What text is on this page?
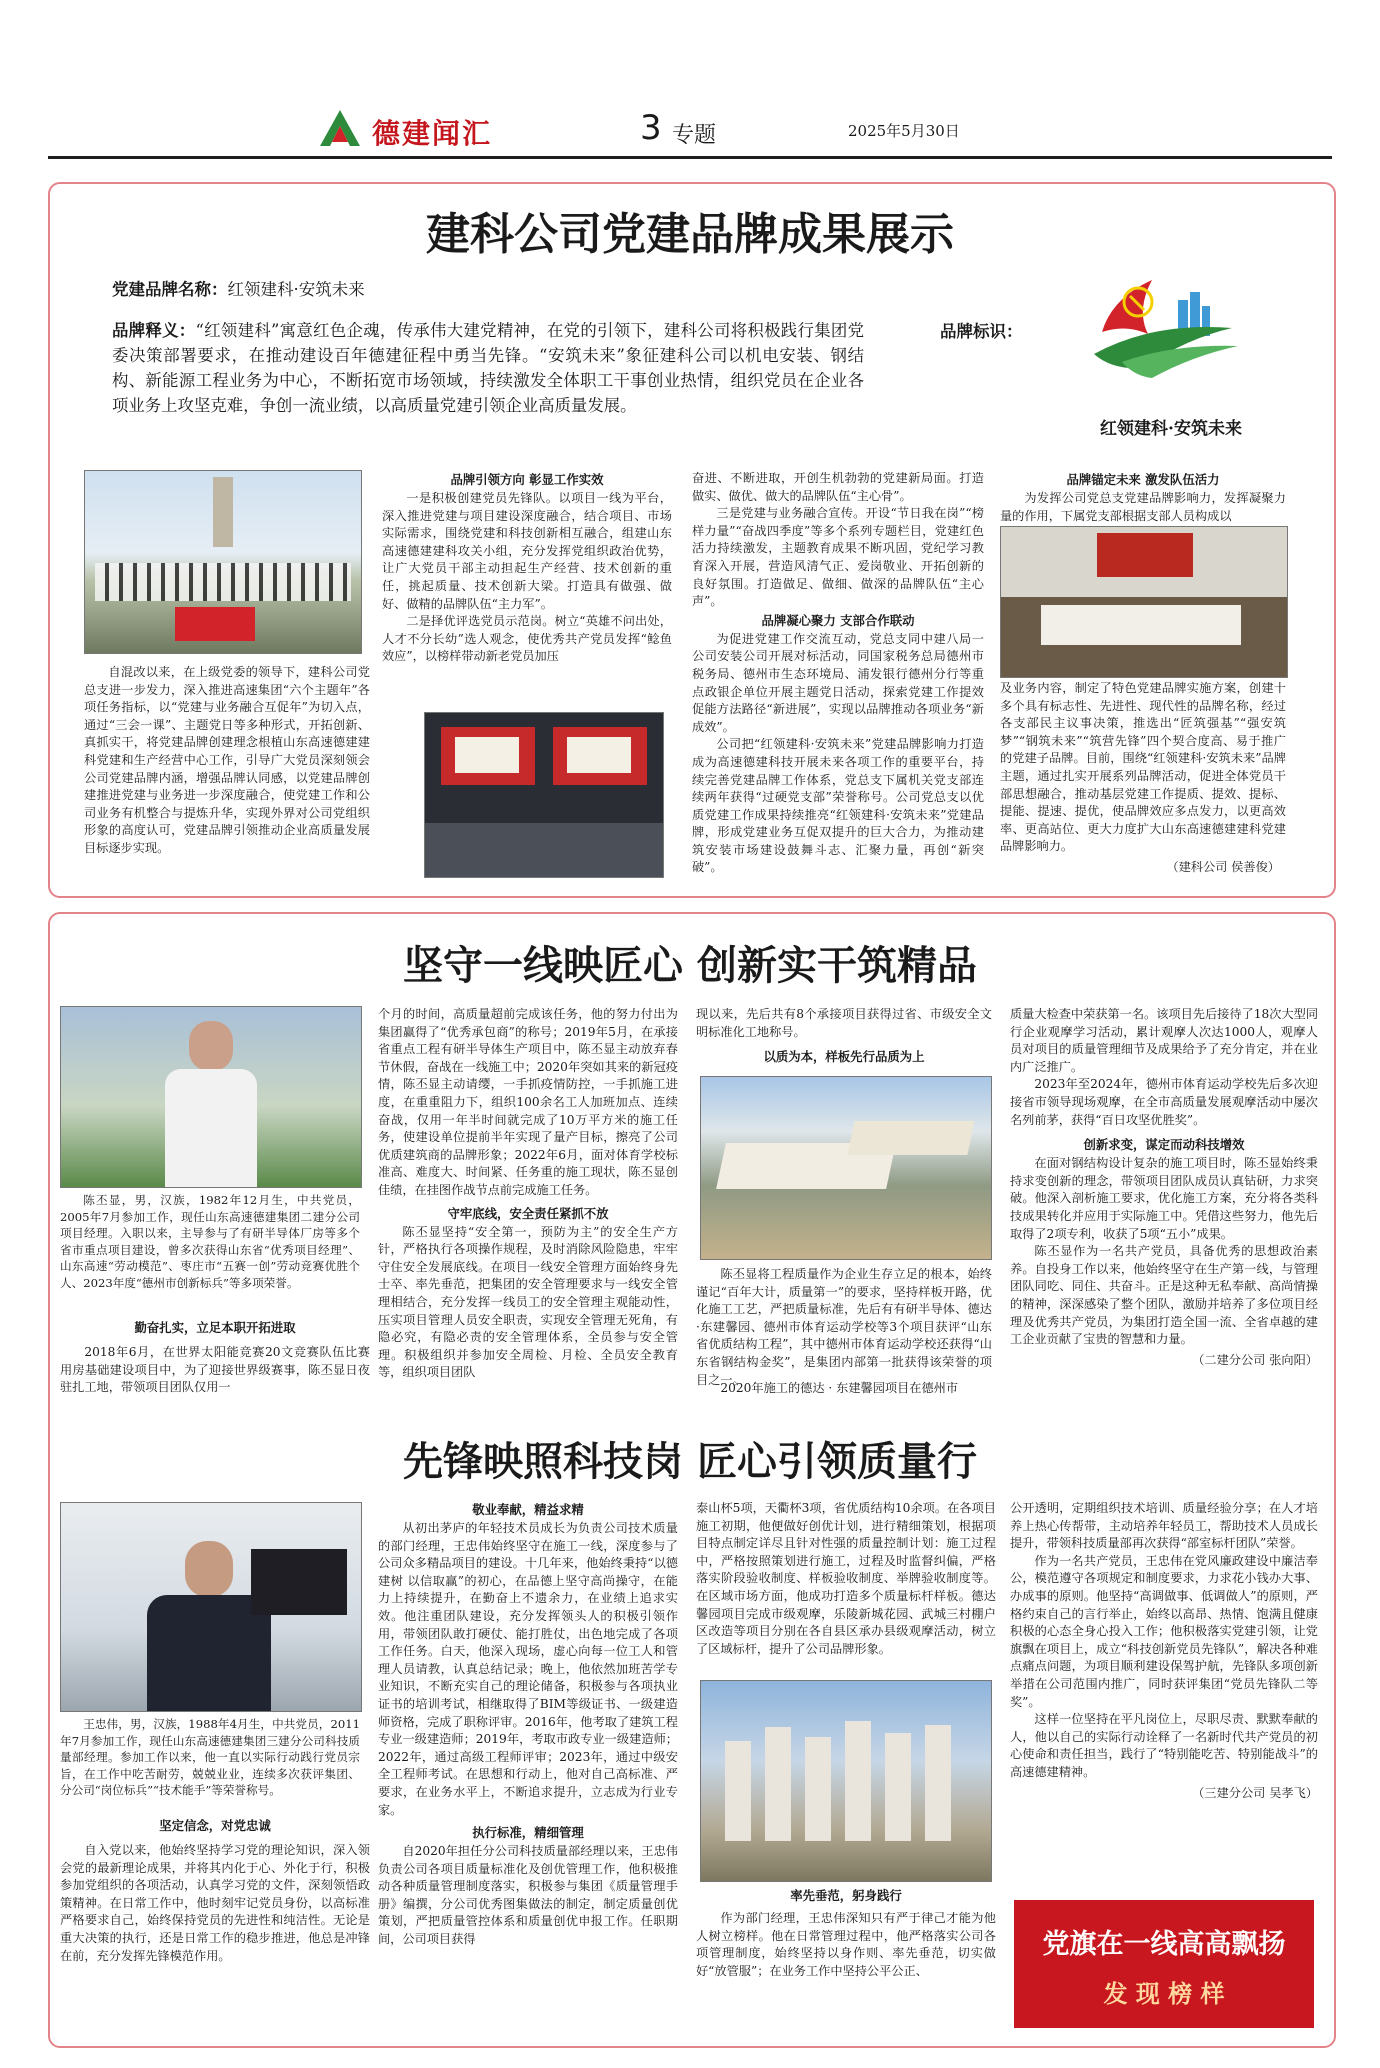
德建闻汇	3 专题	2025年5月30日
建科公司党建品牌成果展示
党建品牌名称：红领建科·安筑未来
品牌释义：“红领建科”寓意红色企魂，传承伟大建党精神，在党的引领下，建科公司将积极践行集团党委决策部署要求，在推动建设百年德建征程中勇当先锋。“安筑未来”象征建科公司以机电安装、钢结构、新能源工程业务为中心，不断拓宽市场领域，持续激发全体职工干事创业热情，组织党员在企业各项业务上攻坚克难，争创一流业绩，以高质量党建引领企业高质量发展。
品牌标识：
红领建科·安筑未来
自混改以来，在上级党委的领导下，建科公司党总支进一步发力，深入推进高速集团“六个主题年”各项任务指标，以“党建与业务融合互促年”为切入点，通过“三会一课”、主题党日等多种形式，开拓创新、真抓实干，将党建品牌创建理念根植山东高速德建建科党建和生产经营中心工作，引导广大党员深刻领会公司党建品牌内涵，增强品牌认同感，以党建品牌创建推进党建与业务进一步深度融合，使党建工作和公司业务有机整合与提炼升华，实现外界对公司党组织形象的高度认可，党建品牌引领推动企业高质量发展目标逐步实现。
品牌引领方向 彰显工作实效
一是积极创建党员先锋队。以项目一线为平台，深入推进党建与项目建设深度融合，结合项目、市场实际需求，围绕党建和科技创新相互融合，组建山东高速德建建科攻关小组，充分发挥党组织政治优势，让广大党员干部主动担起生产经营、技术创新的重任，挑起质量、技术创新大梁。打造具有做强、做好、做精的品牌队伍“主力军”。
二是择优评选党员示范岗。树立“英雄不问出处，人才不分长幼”选人观念，使优秀共产党员发挥“鲶鱼效应”，以榜样带动新老党员加压
奋进、不断进取，开创生机勃勃的党建新局面。打造做实、做优、做大的品牌队伍“主心骨”。
三是党建与业务融合宣传。开设“节日我在岗”“榜样力量”“奋战四季度”等多个系列专题栏目，党建红色活力持续激发，主题教育成果不断巩固，党纪学习教育深入开展，营造风清气正、爱岗敬业、开拓创新的良好氛围。打造做足、做细、做深的品牌队伍“主心声”。
品牌凝心聚力 支部合作联动
为促进党建工作交流互动，党总支同中建八局一公司安装公司开展对标活动，同国家税务总局德州市税务局、德州市生态环境局、浦发银行德州分行等重点政银企单位开展主题党日活动，探索党建工作提效促能方法路径“新进展”，实现以品牌推动各项业务“新成效”。
公司把“红领建科·安筑未来”党建品牌影响力打造成为高速德建科技开展未来各项工作的重要平台，持续完善党建品牌工作体系，党总支下属机关党支部连续两年获得“过硬党支部”荣誉称号。公司党总支以优质党建工作成果持续推亮“红领建科·安筑未来”党建品牌，形成党建业务互促双提升的巨大合力，为推动建筑安装市场建设鼓舞斗志、汇聚力量，再创“新突破”。
品牌锚定未来 激发队伍活力
为发挥公司党总支党建品牌影响力，发挥凝聚力量的作用，下属党支部根据支部人员构成以
及业务内容，制定了特色党建品牌实施方案，创建十多个具有标志性、先进性、现代性的品牌名称，经过各支部民主议事决策，推选出“匠筑强基”“强安筑梦”“钢筑未来”“筑营先锋”四个契合度高、易于推广的党建子品牌。目前，围绕“红领建科·安筑未来”品牌主题，通过扎实开展系列品牌活动，促进全体党员干部思想融合，推动基层党建工作提质、提效、提标、提能、提速、提优，使品牌效应多点发力，以更高效率、更高站位、更大力度扩大山东高速德建建科党建品牌影响力。
（建科公司 侯善俊）
坚守一线映匠心 创新实干筑精品
陈丕显，男，汉族，1982年12月生，中共党员，2005年7月参加工作，现任山东高速德建集团二建分公司项目经理。入职以来，主导参与了有研半导体厂房等多个省市重点项目建设，曾多次获得山东省“优秀项目经理”、山东高速“劳动模范”、枣庄市“五赛一创”劳动竞赛优胜个人、2023年度“德州市创新标兵”等多项荣誉。
勤奋扎实，立足本职开拓进取
2018年6月，在世界太阳能竞赛20文竞赛队伍比赛用房基础建设项目中，为了迎接世界级赛事，陈丕显日夜驻扎工地，带领项目团队仅用一
个月的时间，高质量超前完成该任务，他的努力付出为集团赢得了“优秀承包商”的称号；2019年5月，在承接省重点工程有研半导体生产项目中，陈丕显主动放弃春节休假，奋战在一线施工中；2020年突如其来的新冠疫情，陈丕显主动请缨，一手抓疫情防控，一手抓施工进度，在重重阻力下，组织100余名工人加班加点、连续奋战，仅用一年半时间就完成了10万平方米的施工任务，使建设单位提前半年实现了量产目标，擦亮了公司优质建筑商的品牌形象；2022年6月，面对体育学校标准高、难度大、时间紧、任务重的施工现状，陈丕显创佳绩，在挂图作战节点前完成施工任务。
守牢底线，安全责任紧抓不放
陈丕显坚持“安全第一，预防为主”的安全生产方针，严格执行各项操作规程，及时消除风险隐患，牢牢守住安全发展底线。在项目一线安全管理方面始终身先士卒、率先垂范，把集团的安全管理要求与一线安全管理相结合，充分发挥一线员工的安全管理主观能动性，压实项目管理人员安全职责，实现安全管理无死角，有隐必究，有隐必责的安全管理体系，全员参与安全管理。积极组织并参加安全周检、月检、全员安全教育等，组织项目团队
现以来，先后共有8个承接项目获得过省、市级安全文明标准化工地称号。
以质为本，样板先行品质为上
陈丕显将工程质量作为企业生存立足的根本，始终谨记“百年大计，质量第一”的要求，坚持样板开路，优化施工工艺，严把质量标准，先后有有研半导体、德达·东建馨园、德州市体育运动学校等3个项目获评“山东省优质结构工程”，其中德州市体育运动学校还获得“山东省钢结构金奖”，是集团内部第一批获得该荣誉的项目之一。
2020年施工的德达 · 东建馨园项目在德州市
质量大检查中荣获第一名。该项目先后接待了18次大型同行企业观摩学习活动，累计观摩人次达1000人，观摩人员对项目的质量管理细节及成果给予了充分肯定，并在业内广泛推广。
2023年至2024年，德州市体育运动学校先后多次迎接省市领导现场观摩，在全市高质量发展观摩活动中屡次名列前茅，获得“百日攻坚优胜奖”。
创新求变，谋定而动科技增效
在面对钢结构设计复杂的施工项目时，陈丕显始终秉持求变创新的理念，带领项目团队成员认真钻研，力求突破。他深入剖析施工要求，优化施工方案，充分将各类科技成果转化并应用于实际施工中。凭借这些努力，他先后取得了2项专利，收获了5项“五小”成果。
陈丕显作为一名共产党员，具备优秀的思想政治素养。自投身工作以来，他始终坚守在生产第一线，与管理团队同吃、同住、共奋斗。正是这种无私奉献、高尚情操的精神，深深感染了整个团队，激励并培养了多位项目经理及优秀共产党员，为集团打造全国一流、全省卓越的建工企业贡献了宝贵的智慧和力量。
（二建分公司 张向阳）
先锋映照科技岗 匠心引领质量行
王忠伟，男，汉族，1988年4月生，中共党员，2011年7月参加工作，现任山东高速德建集团三建分公司科技质量部经理。参加工作以来，他一直以实际行动践行党员宗旨，在工作中吃苦耐劳，兢兢业业，连续多次获评集团、分公司“岗位标兵”“技术能手”等荣誉称号。
坚定信念，对党忠诚
自入党以来，他始终坚持学习党的理论知识，深入领会党的最新理论成果，并将其内化于心、外化于行，积极参加党组织的各项活动，认真学习党的文件，深刻领悟政策精神。在日常工作中，他时刻牢记党员身份，以高标准严格要求自己，始终保持党员的先进性和纯洁性。无论是重大决策的执行，还是日常工作的稳步推进，他总是冲锋在前，充分发挥先锋模范作用。
敬业奉献，精益求精
从初出茅庐的年轻技术员成长为负责公司技术质量的部门经理，王忠伟始终坚守在施工一线，深度参与了公司众多精品项目的建设。十几年来，他始终秉持“以德建树 以信取赢”的初心，在品德上坚守高尚操守，在能力上持续提升，在勤奋上不遗余力，在业绩上追求实效。他注重团队建设，充分发挥领头人的积极引领作用，带领团队敢打硬仗、能打胜仗，出色地完成了各项工作任务。白天，他深入现场，虚心向每一位工人和管理人员请教，认真总结记录；晚上，他依然加班苦学专业知识，不断充实自己的理论储备，积极参与各项执业证书的培训考试，相继取得了BIM等级证书、一级建造师资格，完成了职称评审。2016年，他考取了建筑工程专业一级建造师；2019年，考取市政专业一级建造师；2022年，通过高级工程师评审；2023年，通过中级安全工程师考试。在思想和行动上，他对自己高标准、严要求，在业务水平上，不断追求提升，立志成为行业专家。
执行标准，精细管理
自2020年担任分公司科技质量部经理以来，王忠伟负责公司各项目质量标准化及创优管理工作，他积极推动各种质量管理制度落实，积极参与集团《质量管理手册》编撰，分公司优秀图集做法的制定，制定质量创优策划，严把质量管控体系和质量创优申报工作。任职期间，公司项目获得
泰山杯5项，天衢杯3项，省优质结构10余项。在各项目施工初期，他便做好创优计划，进行精细策划，根据项目特点制定详尽且针对性强的质量控制计划：施工过程中，严格按照策划进行施工，过程及时监督纠偏，严格落实阶段验收制度、样板验收制度、举牌验收制度等。在区域市场方面，他成功打造多个质量标杆样板。德达馨园项目完成市级观摩，乐陵新城花园、武城三村棚户区改造等项目分别在各自县区承办县级观摩活动，树立了区域标杆，提升了公司品牌形象。
率先垂范，躬身践行
作为部门经理，王忠伟深知只有严于律己才能为他人树立榜样。他在日常管理过程中，他严格落实公司各项管理制度，始终坚持以身作则、率先垂范，切实做好“放管服”；在业务工作中坚持公平公正、
公开透明，定期组织技术培训、质量经验分享；在人才培养上热心传帮带，主动培养年轻员工，帮助技术人员成长提升，带领科技质量部再次获得“部室标杆团队”荣誉。
作为一名共产党员，王忠伟在党风廉政建设中廉洁奉公，模范遵守各项规定和制度要求，力求花小钱办大事、办成事的原则。他坚持“高调做事、低调做人”的原则，严格约束自己的言行举止，始终以高昂、热情、饱满且健康积极的心态全身心投入工作；他积极落实党建引领，让党旗飘在项目上，成立“科技创新党员先锋队”，解决各种难点痛点问题，为项目顺利建设保驾护航，先锋队多项创新举措在公司范围内推广，同时获评集团“党员先锋队二等奖”。
这样一位坚持在平凡岗位上，尽职尽责、默默奉献的人，他以自己的实际行动诠释了一名新时代共产党员的初心使命和责任担当，践行了“特别能吃苦、特别能战斗”的高速德建精神。
（三建分公司 吴孝飞）
党旗在一线高高飘扬
发 现 榜 样
